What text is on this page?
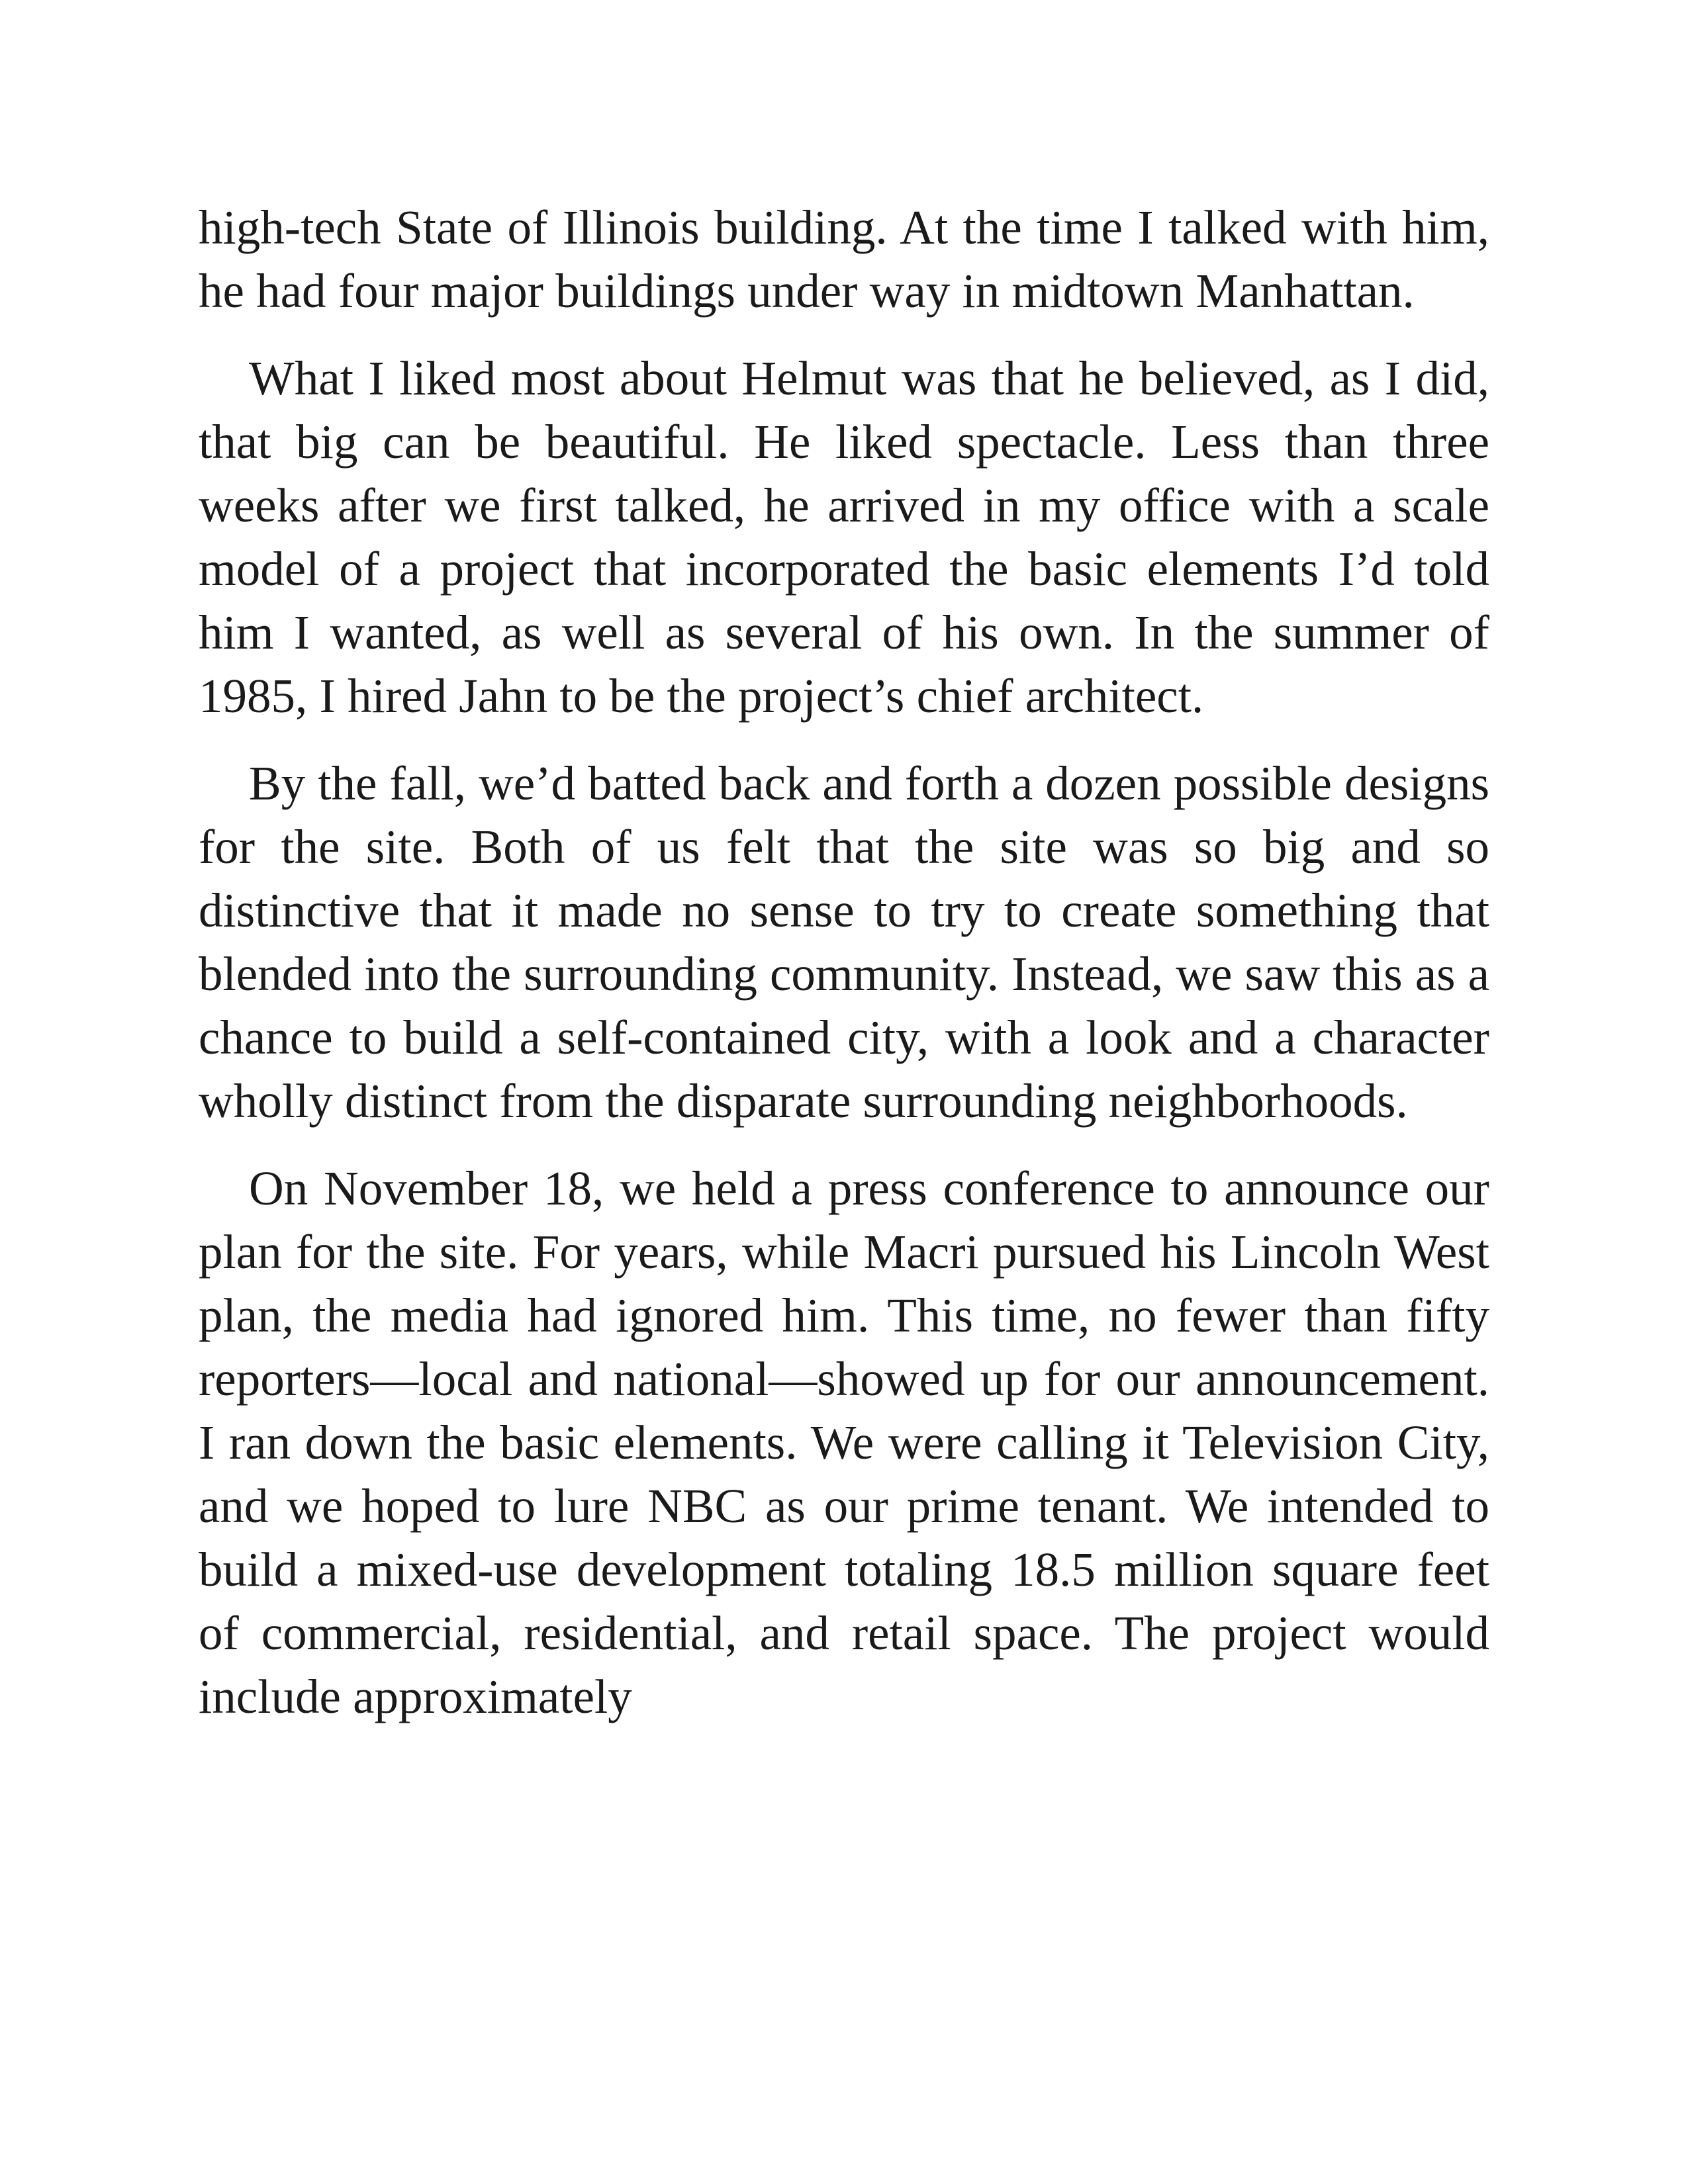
high-tech State of Illinois building. At the time I talked with him, he had four major buildings under way in midtown Manhattan.

What I liked most about Helmut was that he believed, as I did, that big can be beautiful. He liked spectacle. Less than three weeks after we first talked, he arrived in my office with a scale model of a project that incorporated the basic elements I’d told him I wanted, as well as several of his own. In the summer of 1985, I hired Jahn to be the project’s chief architect.

By the fall, we’d batted back and forth a dozen possible designs for the site. Both of us felt that the site was so big and so distinctive that it made no sense to try to create something that blended into the surrounding community. Instead, we saw this as a chance to build a self-contained city, with a look and a character wholly distinct from the disparate surrounding neighborhoods.

On November 18, we held a press conference to announce our plan for the site. For years, while Macri pursued his Lincoln West plan, the media had ignored him. This time, no fewer than fifty reporters—local and national—showed up for our announcement. I ran down the basic elements. We were calling it Television City, and we hoped to lure NBC as our prime tenant. We intended to build a mixed-use development totaling 18.5 million square feet of commercial, residential, and retail space. The project would include approximately
